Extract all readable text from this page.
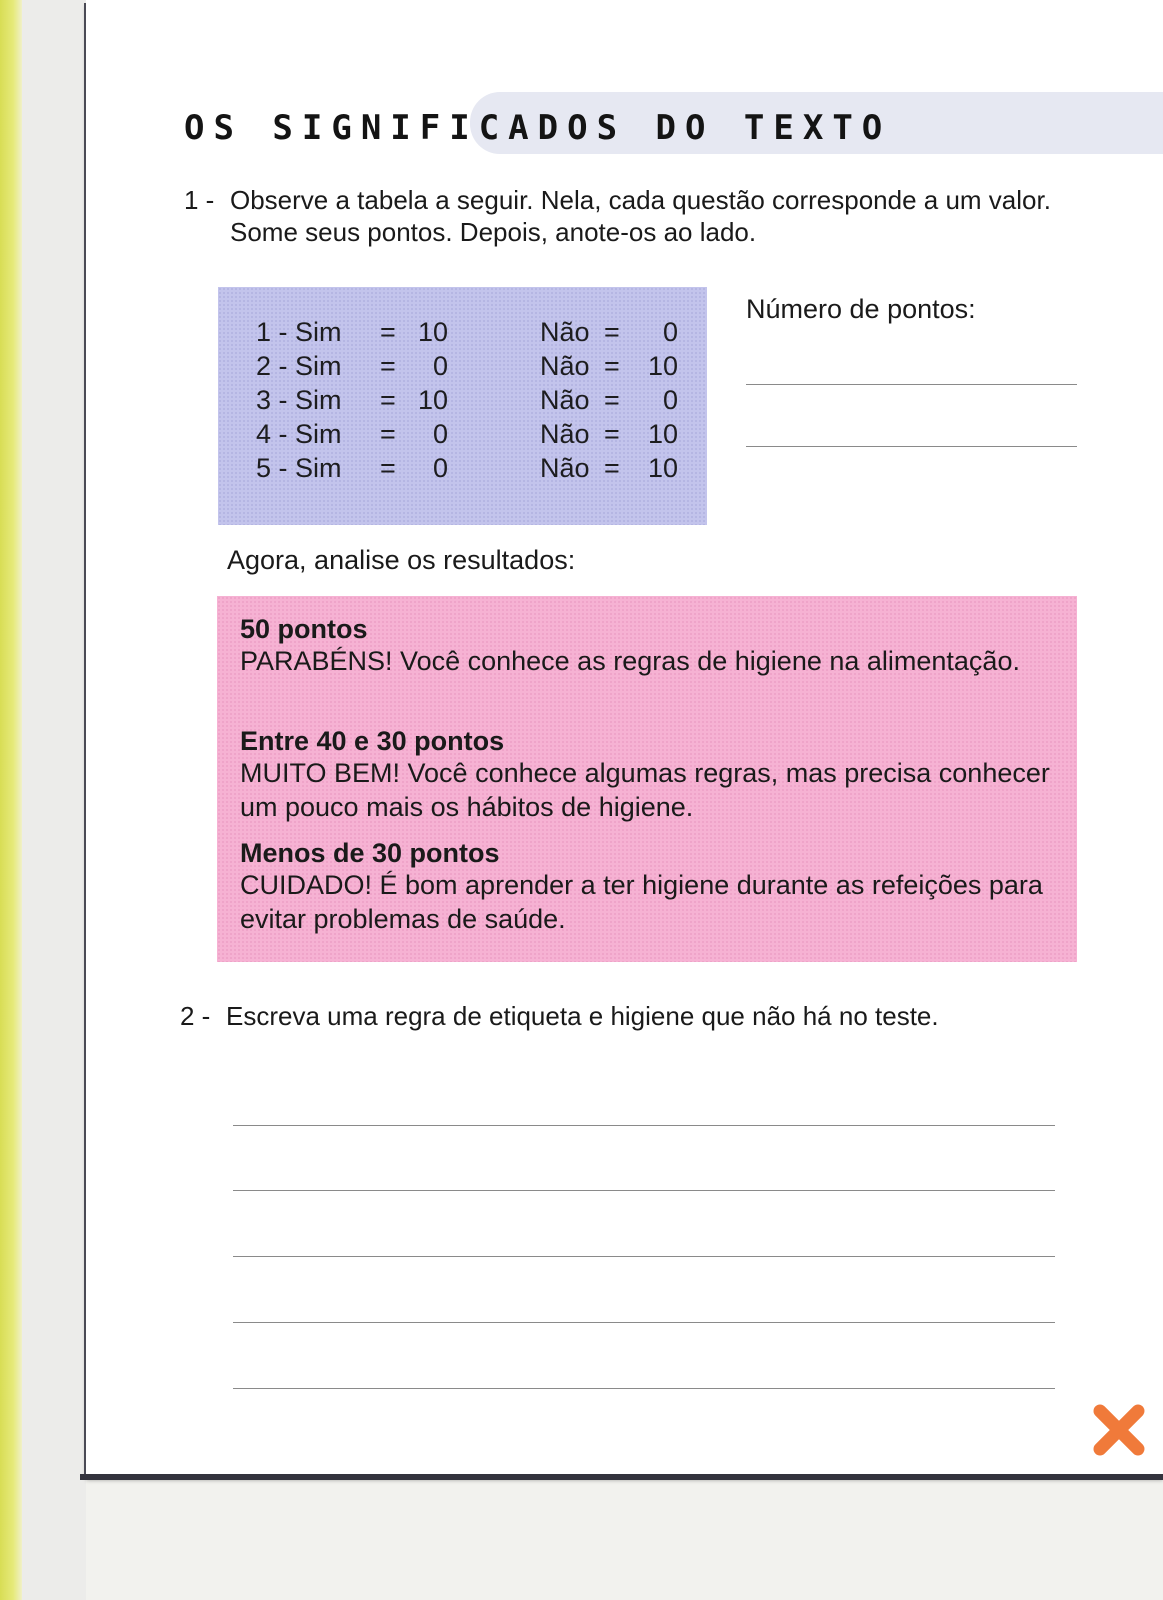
OS SIGNIFICADOS DO TEXTO
1 - Observe a tabela a seguir. Nela, cada questão corresponde a um valor. Some seus pontos. Depois, anote-os ao lado.
1 - Sim = 10	Não =	0
2 - Sim =	0	Não =	10
3 - Sim = 10	Não =	0
4 - Sim =	0	Não =	10
5 - Sim =	0	Não =	10
Número de pontos:
Agora, analise os resultados:
50 pontos
PARABÉNS! Você conhece as regras de higiene na alimentação.
Entre 40 e 30 pontos
MUITO BEM! Você conhece algumas regras, mas precisa conhecer um pouco mais os hábitos de higiene.
Menos de 30 pontos
CUIDADO! É bom aprender a ter higiene durante as refeições para evitar problemas de saúde.
2 - Escreva uma regra de etiqueta e higiene que não há no teste.
